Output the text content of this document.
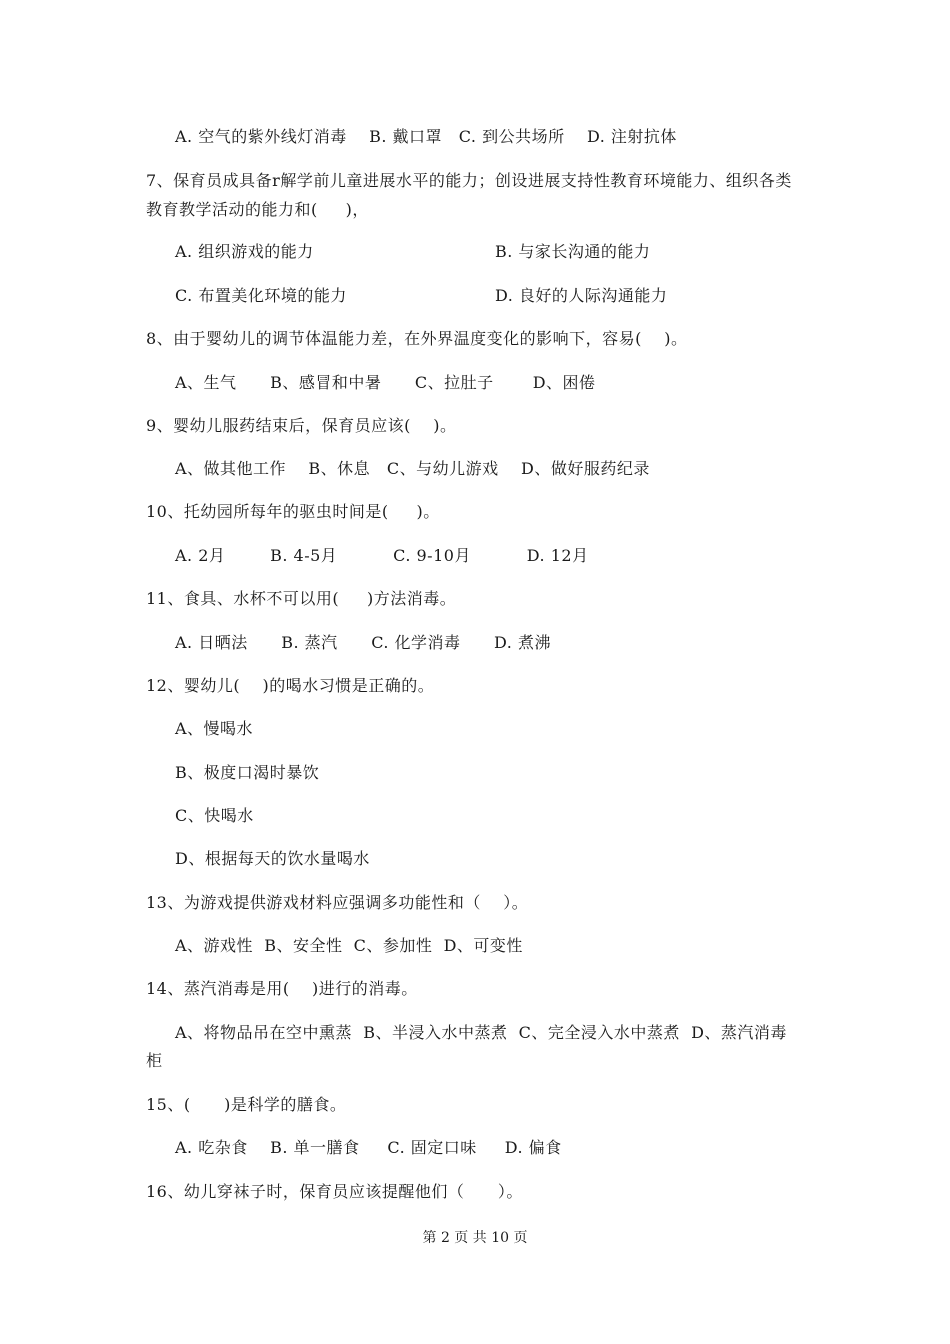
A. 空气的紫外线灯消毒    B. 戴口罩   C. 到公共场所    D. 注射抗体
7、保育员成具备r解学前儿童进展水平的能力；创设进展支持性教育环境能力、组织各类
教育教学活动的能力和(     )，
A. 组织游戏的能力	B. 与家长沟通的能力
C. 布置美化环境的能力	D. 良好的人际沟通能力
8、由于婴幼儿的调节体温能力差，在外界温度变化的影响下，容易(    )。
A、生气      B、感冒和中暑      C、拉肚子       D、困倦
9、婴幼儿服药结束后，保育员应该(    )。
A、做其他工作    B、休息   C、与幼儿游戏    D、做好服药纪录
10、托幼园所每年的驱虫时间是(     )。
A. 2月        B. 4-5月          C. 9-10月          D. 12月
11、食具、水杯不可以用(     )方法消毒。
A. 日晒法      B. 蒸汽      C. 化学消毒      D. 煮沸
12、婴幼儿(    )的喝水习惯是正确的。
A、慢喝水
B、极度口渴时暴饮
C、快喝水
D、根据每天的饮水量喝水
13、为游戏提供游戏材料应强调多功能性和（    ）。
A、游戏性  B、安全性  C、参加性  D、可变性
14、蒸汽消毒是用(    )进行的消毒。
A、将物品吊在空中熏蒸  B、半浸入水中蒸煮  C、完全浸入水中蒸煮  D、蒸汽消毒
柜
15、(      )是科学的膳食。
A. 吃杂食    B. 单一膳食     C. 固定口味     D. 偏食
16、幼儿穿袜子时，保育员应该提醒他们（      ）。
第 2 页 共 10 页
